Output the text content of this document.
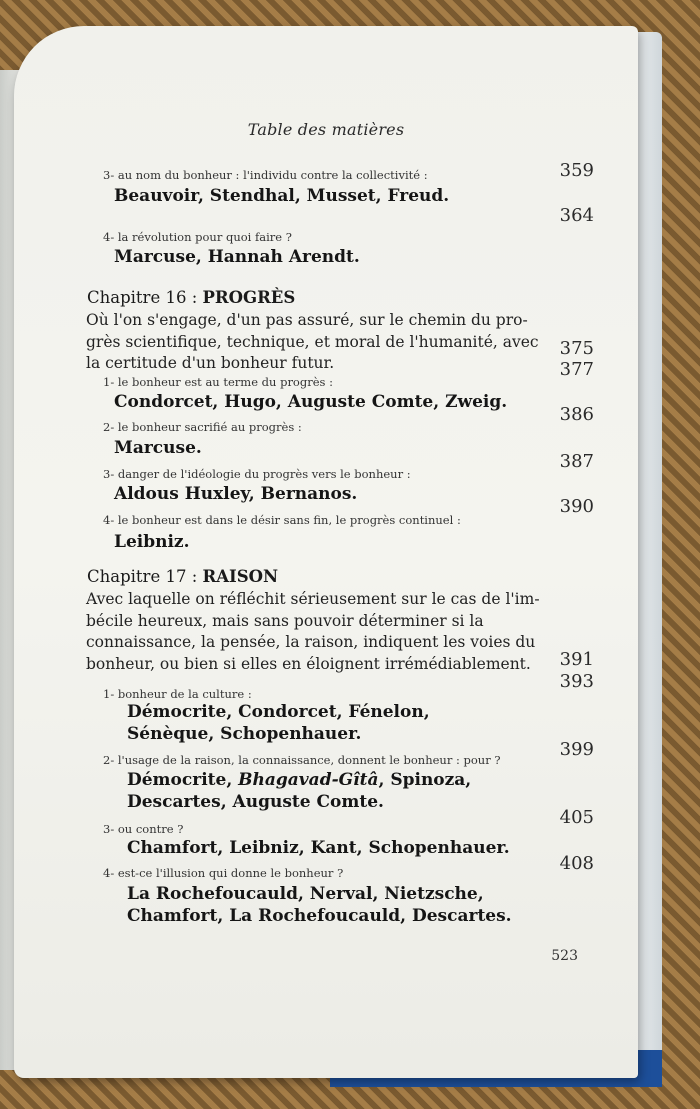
Table des matières
359
3- au nom du bonheur : l'individu contre la collectivité :
Beauvoir, Stendhal, Musset, Freud.
364
4- la révolution pour quoi faire ?
Marcuse, Hannah Arendt.
Chapitre 16 : PROGRÈS
Où l'on s'engage, d'un pas assuré, sur le chemin du pro-
grès scientifique, technique, et moral de l'humanité, avec
la certitude d'un bonheur futur.
375
377
1- le bonheur est au terme du progrès :
Condorcet, Hugo, Auguste Comte, Zweig.
386
2- le bonheur sacrifié au progrès :
Marcuse.
387
3- danger de l'idéologie du progrès vers le bonheur :
Aldous Huxley, Bernanos.
390
4- le bonheur est dans le désir sans fin, le progrès continuel :
Leibniz.
Chapitre 17 : RAISON
Avec laquelle on réfléchit sérieusement sur le cas de l'im-
bécile heureux, mais sans pouvoir déterminer si la
connaissance, la pensée, la raison, indiquent les voies du
bonheur, ou bien si elles en éloignent irrémédiablement.	391
393
1- bonheur de la culture :
Démocrite, Condorcet, Fénelon,
Sénèque, Schopenhauer.
399
2- l'usage de la raison, la connaissance, donnent le bonheur : pour ?
Démocrite, Bhagavad-Gîtâ, Spinoza,
Descartes, Auguste Comte.
405
3- ou contre ?
Chamfort, Leibniz, Kant, Schopenhauer.
408
4- est-ce l'illusion qui donne le bonheur ?
La Rochefoucauld, Nerval, Nietzsche,
Chamfort, La Rochefoucauld, Descartes.
523
